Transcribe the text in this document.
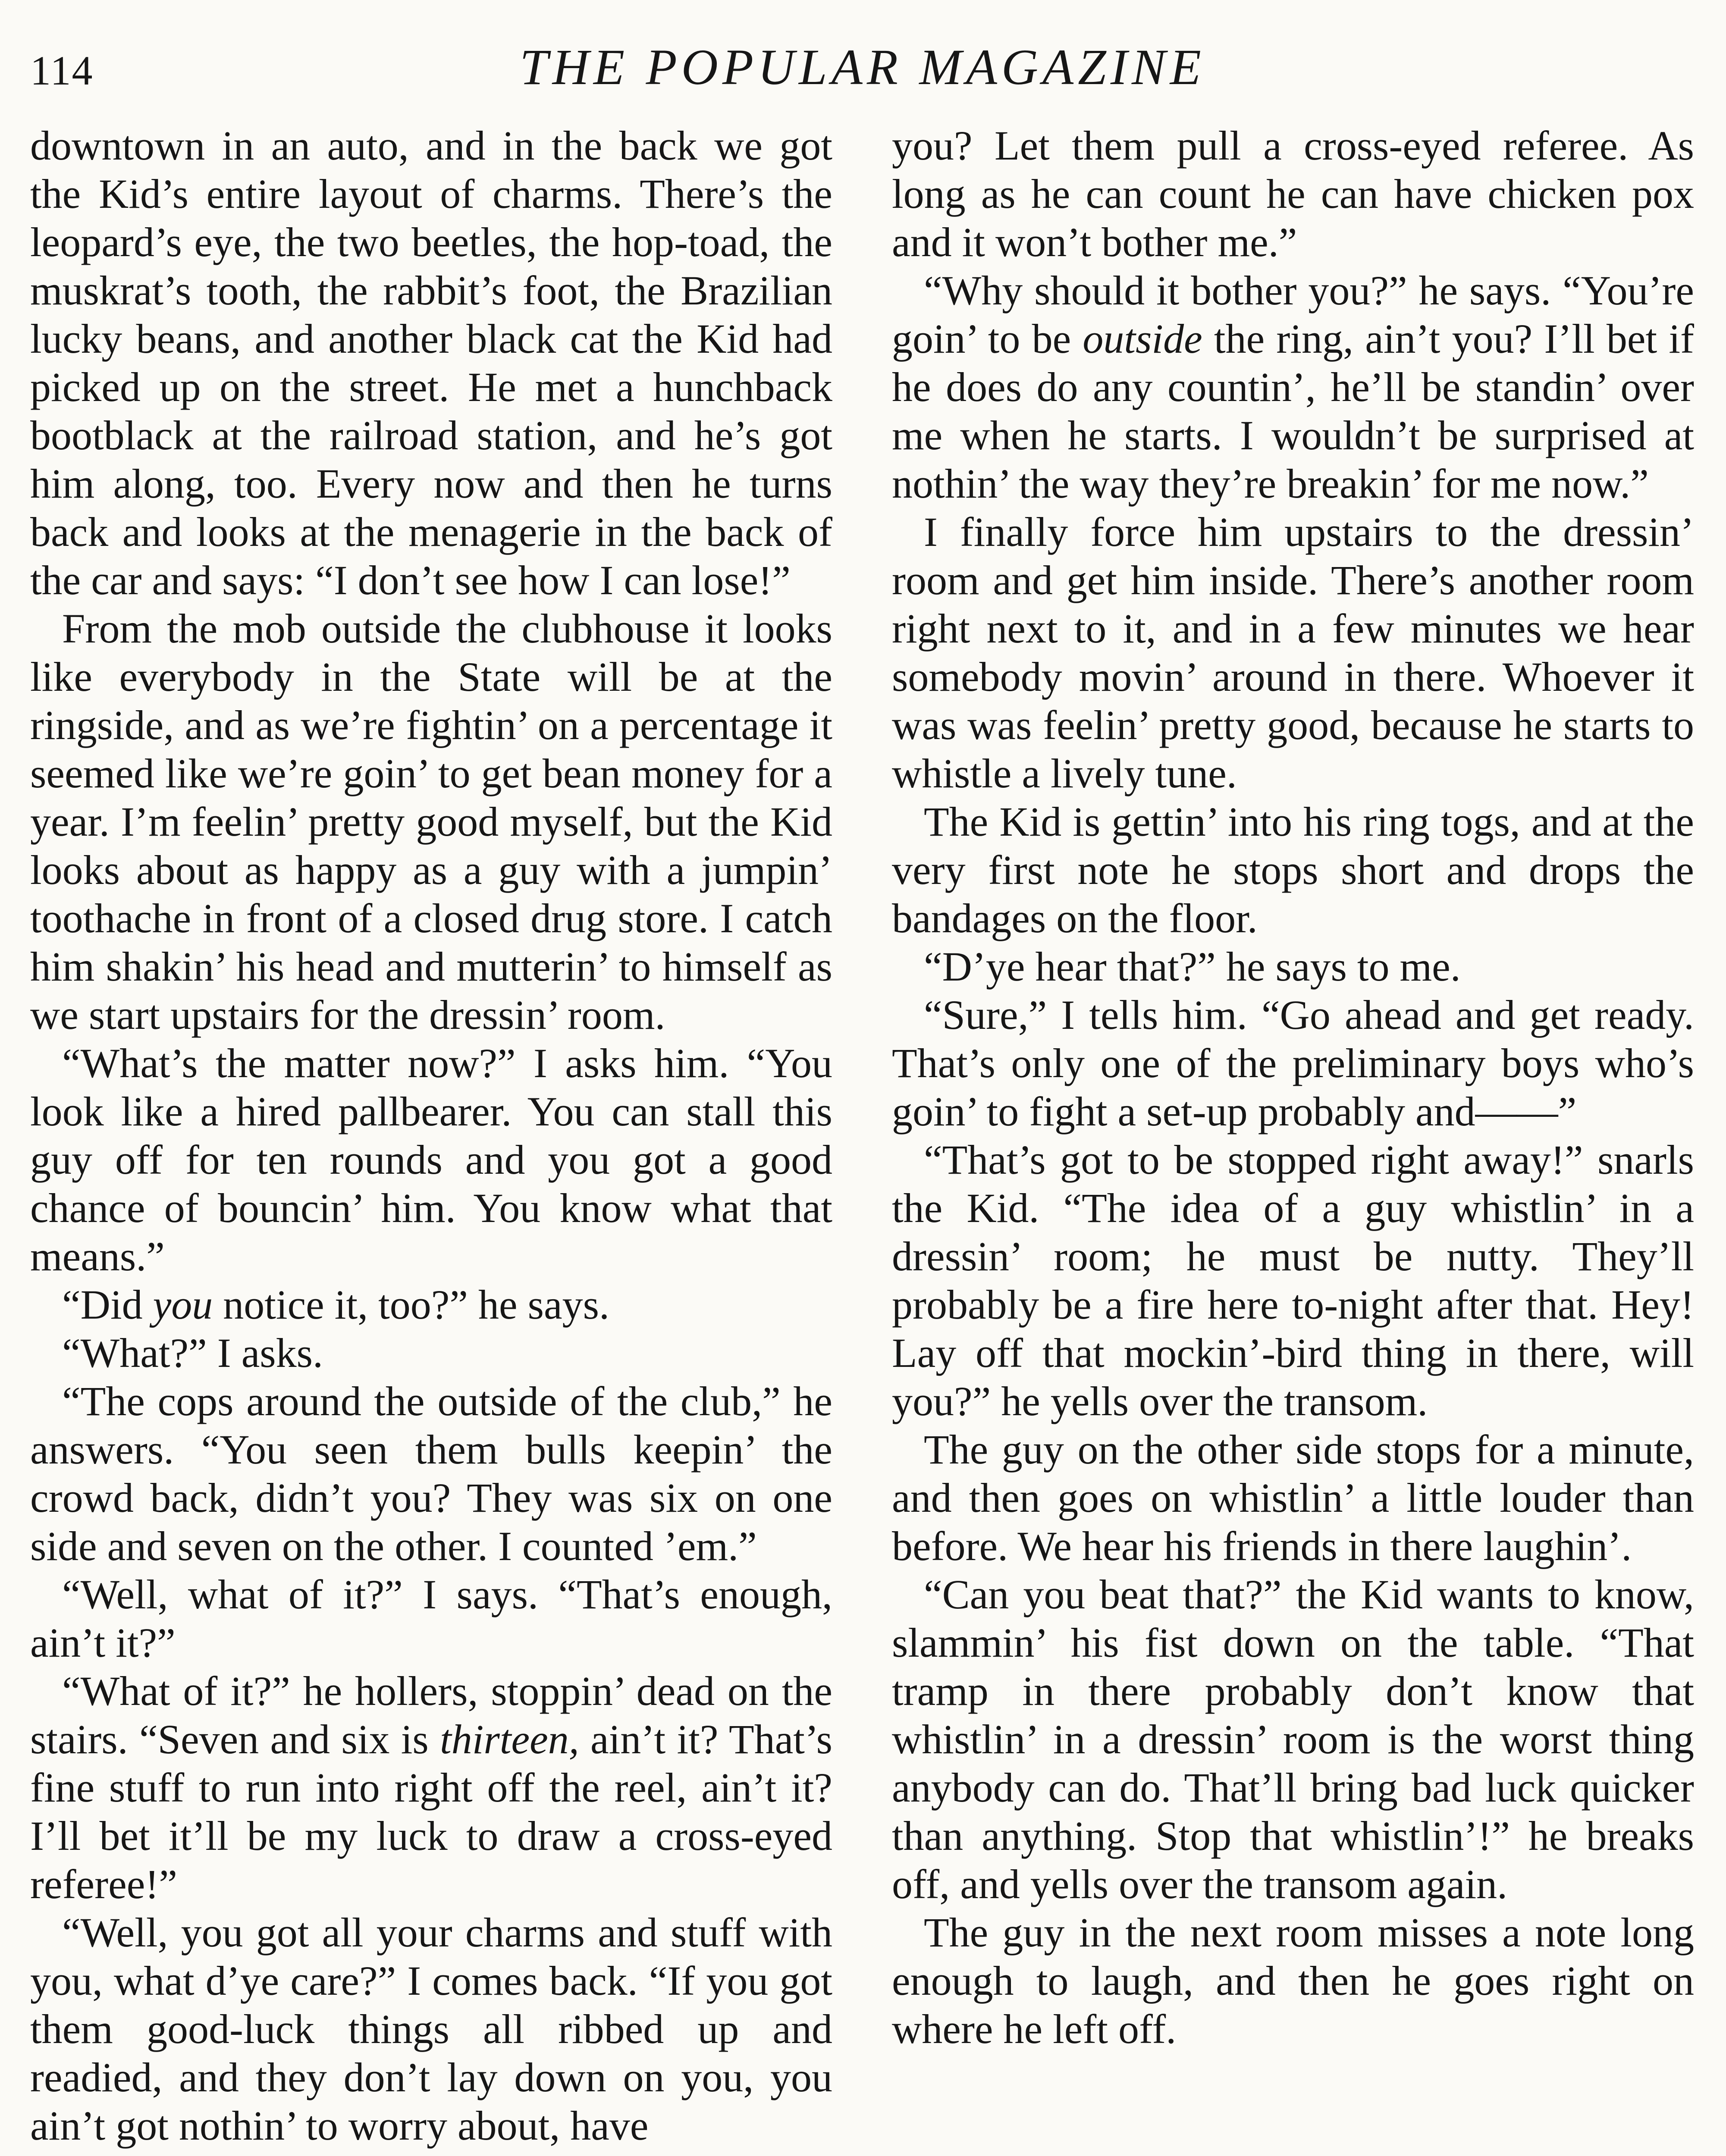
114	THE POPULAR MAGAZINE

downtown in an auto, and in the back we got the Kid’s entire layout of charms. There’s the leopard’s eye, the two beetles, the hop-toad, the muskrat’s tooth, the rabbit’s foot, the Brazilian lucky beans, and another black cat the Kid had picked up on the street. He met a hunchback bootblack at the railroad station, and he’s got him along, too. Every now and then he turns back and looks at the menagerie in the back of the car and says: “I don’t see how I can lose!”

From the mob outside the clubhouse it looks like everybody in the State will be at the ringside, and as we’re fightin’ on a percentage it seemed like we’re goin’ to get bean money for a year. I’m feelin’ pretty good myself, but the Kid looks about as happy as a guy with a jumpin’ toothache in front of a closed drug store. I catch him shakin’ his head and mutterin’ to himself as we start upstairs for the dressin’ room.

“What’s the matter now?” I asks him. “You look like a hired pallbearer. You can stall this guy off for ten rounds and you got a good chance of bouncin’ him. You know what that means.”

“Did you notice it, too?” he says.

“What?” I asks.

“The cops around the outside of the club,” he answers. “You seen them bulls keepin’ the crowd back, didn’t you? They was six on one side and seven on the other. I counted ’em.”

“Well, what of it?” I says. “That’s enough, ain’t it?”

“What of it?” he hollers, stoppin’ dead on the stairs. “Seven and six is thirteen, ain’t it? That’s fine stuff to run into right off the reel, ain’t it? I’ll bet it’ll be my luck to draw a cross-eyed referee!”

“Well, you got all your charms and stuff with you, what d’ye care?” I comes back. “If you got them good-luck things all ribbed up and readied, and they don’t lay down on you, you ain’t got nothin’ to worry about, have

you? Let them pull a cross-eyed referee. As long as he can count he can have chicken pox and it won’t bother me.”

“Why should it bother you?” he says. “You’re goin’ to be outside the ring, ain’t you? I’ll bet if he does do any countin’, he’ll be standin’ over me when he starts. I wouldn’t be surprised at nothin’ the way they’re breakin’ for me now.”

I finally force him upstairs to the dressin’ room and get him inside. There’s another room right next to it, and in a few minutes we hear somebody movin’ around in there. Whoever it was was feelin’ pretty good, because he starts to whistle a lively tune.

The Kid is gettin’ into his ring togs, and at the very first note he stops short and drops the bandages on the floor.

“D’ye hear that?” he says to me.

“Sure,” I tells him. “Go ahead and get ready. That’s only one of the preliminary boys who’s goin’ to fight a set-up probably and——”

“That’s got to be stopped right away!” snarls the Kid. “The idea of a guy whistlin’ in a dressin’ room; he must be nutty. They’ll probably be a fire here to-night after that. Hey! Lay off that mockin’-bird thing in there, will you?” he yells over the transom.

The guy on the other side stops for a minute, and then goes on whistlin’ a little louder than before. We hear his friends in there laughin’.

“Can you beat that?” the Kid wants to know, slammin’ his fist down on the table. “That tramp in there probably don’t know that whistlin’ in a dressin’ room is the worst thing anybody can do. That’ll bring bad luck quicker than anything. Stop that whistlin’!” he breaks off, and yells over the transom again.

The guy in the next room misses a note long enough to laugh, and then he goes right on where he left off.
